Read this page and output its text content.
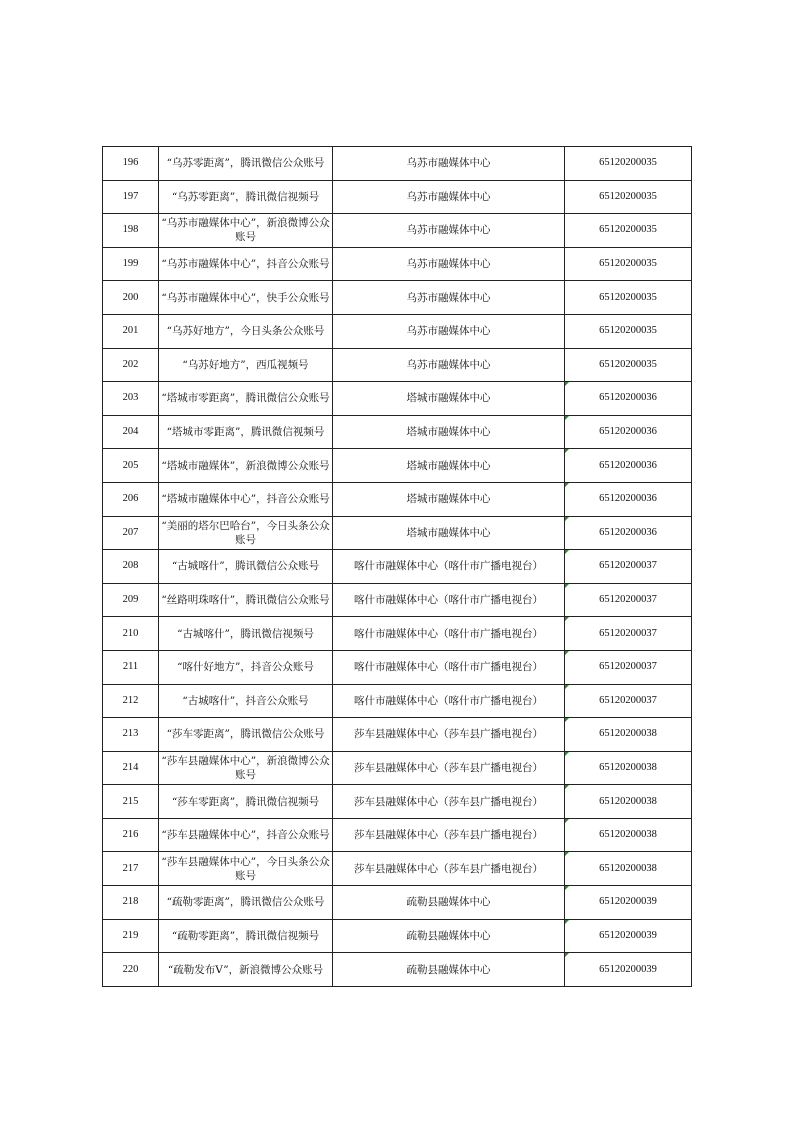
196	“乌苏零距离”，腾讯微信公众账号	乌苏市融媒体中心	65120200035
197	“乌苏零距离”，腾讯微信视频号	乌苏市融媒体中心	65120200035
198	“乌苏市融媒体中心”，新浪微博公众账号	乌苏市融媒体中心	65120200035
199	“乌苏市融媒体中心”，抖音公众账号	乌苏市融媒体中心	65120200035
200	“乌苏市融媒体中心”，快手公众账号	乌苏市融媒体中心	65120200035
201	“乌苏好地方”，今日头条公众账号	乌苏市融媒体中心	65120200035
202	“乌苏好地方”，西瓜视频号	乌苏市融媒体中心	65120200035
203	“塔城市零距离”，腾讯微信公众账号	塔城市融媒体中心	65120200036
204	“塔城市零距离”，腾讯微信视频号	塔城市融媒体中心	65120200036
205	“塔城市融媒体”，新浪微博公众账号	塔城市融媒体中心	65120200036
206	“塔城市融媒体中心”，抖音公众账号	塔城市融媒体中心	65120200036
207	“美丽的塔尔巴哈台”，今日头条公众账号	塔城市融媒体中心	65120200036
208	“古城喀什”，腾讯微信公众账号	喀什市融媒体中心（喀什市广播电视台）	65120200037
209	“丝路明珠喀什”，腾讯微信公众账号	喀什市融媒体中心（喀什市广播电视台）	65120200037
210	“古城喀什”，腾讯微信视频号	喀什市融媒体中心（喀什市广播电视台）	65120200037
211	“喀什好地方”，抖音公众账号	喀什市融媒体中心（喀什市广播电视台）	65120200037
212	“古城喀什”，抖音公众账号	喀什市融媒体中心（喀什市广播电视台）	65120200037
213	“莎车零距离”，腾讯微信公众账号	莎车县融媒体中心（莎车县广播电视台）	65120200038
214	“莎车县融媒体中心”，新浪微博公众账号	莎车县融媒体中心（莎车县广播电视台）	65120200038
215	“莎车零距离”，腾讯微信视频号	莎车县融媒体中心（莎车县广播电视台）	65120200038
216	“莎车县融媒体中心”，抖音公众账号	莎车县融媒体中心（莎车县广播电视台）	65120200038
217	“莎车县融媒体中心”，今日头条公众账号	莎车县融媒体中心（莎车县广播电视台）	65120200038
218	“疏勒零距离”，腾讯微信公众账号	疏勒县融媒体中心	65120200039
219	“疏勒零距离”，腾讯微信视频号	疏勒县融媒体中心	65120200039
220	“疏勒发布V”，新浪微博公众账号	疏勒县融媒体中心	65120200039
